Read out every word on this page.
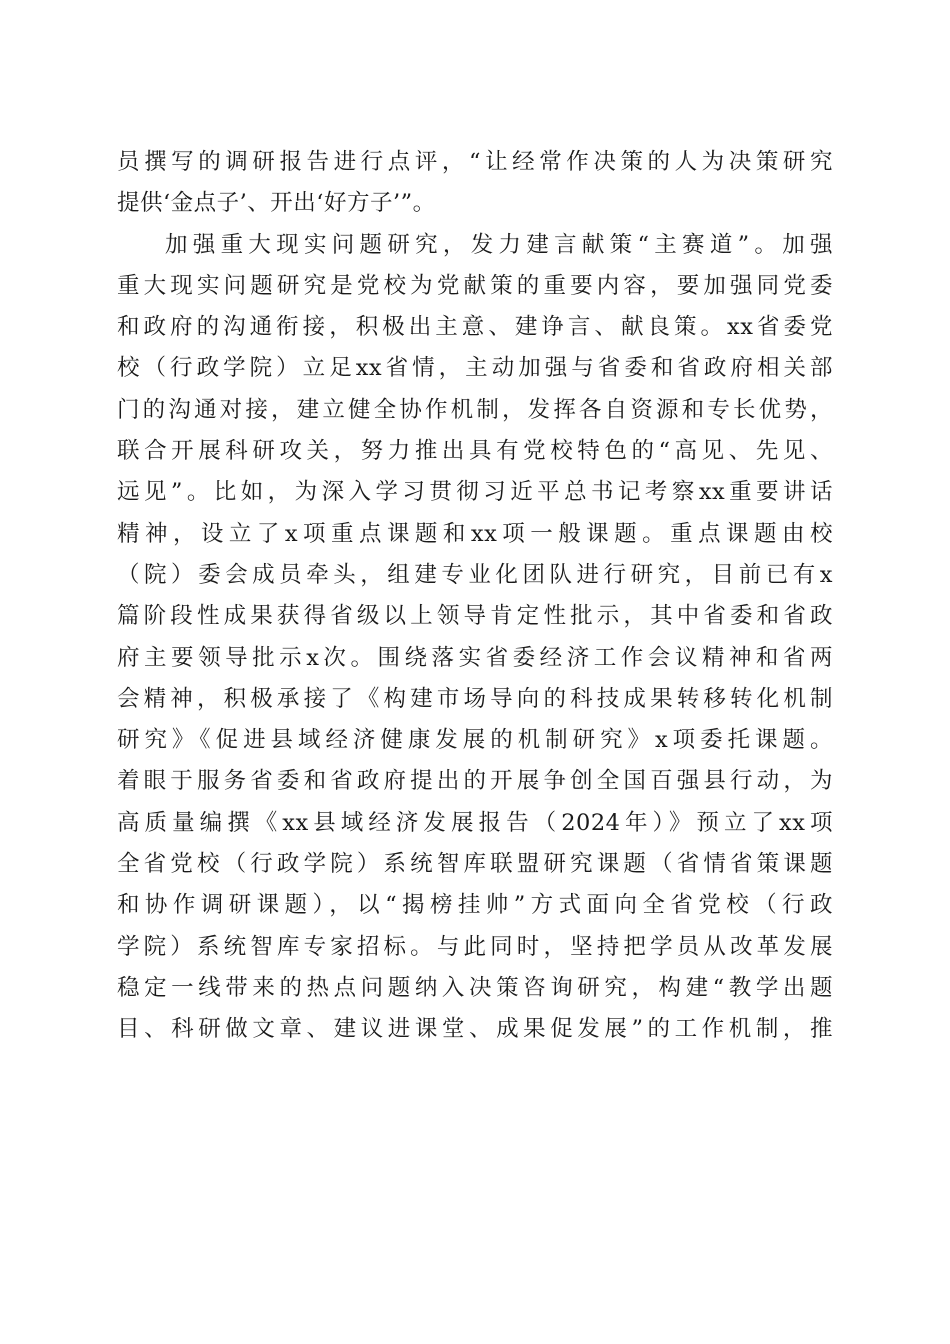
员撰写的调研报告进行点评，“让经常作决策的人为决策研究
提供‘金点子’、开出‘好方子’”。
加强重大现实问题研究，发力建言献策“主赛道”。加强
重大现实问题研究是党校为党献策的重要内容，要加强同党委
和政府的沟通衔接，积极出主意、建诤言、献良策。xx省委党
校（行政学院）立足xx省情，主动加强与省委和省政府相关部
门的沟通对接，建立健全协作机制，发挥各自资源和专长优势，
联合开展科研攻关，努力推出具有党校特色的“高见、先见、
远见”。比如，为深入学习贯彻习近平总书记考察xx重要讲话
精神，设立了x项重点课题和xx项一般课题。重点课题由校
（院）委会成员牵头，组建专业化团队进行研究，目前已有x
篇阶段性成果获得省级以上领导肯定性批示，其中省委和省政
府主要领导批示x次。围绕落实省委经济工作会议精神和省两
会精神，积极承接了《构建市场导向的科技成果转移转化机制
研究》《促进县域经济健康发展的机制研究》x项委托课题。
着眼于服务省委和省政府提出的开展争创全国百强县行动，为
高质量编撰《xx县域经济发展报告（2024年）》预立了xx项
全省党校（行政学院）系统智库联盟研究课题（省情省策课题
和协作调研课题），以“揭榜挂帅”方式面向全省党校（行政
学院）系统智库专家招标。与此同时，坚持把学员从改革发展
稳定一线带来的热点问题纳入决策咨询研究，构建“教学出题
目、科研做文章、建议进课堂、成果促发展”的工作机制，推
